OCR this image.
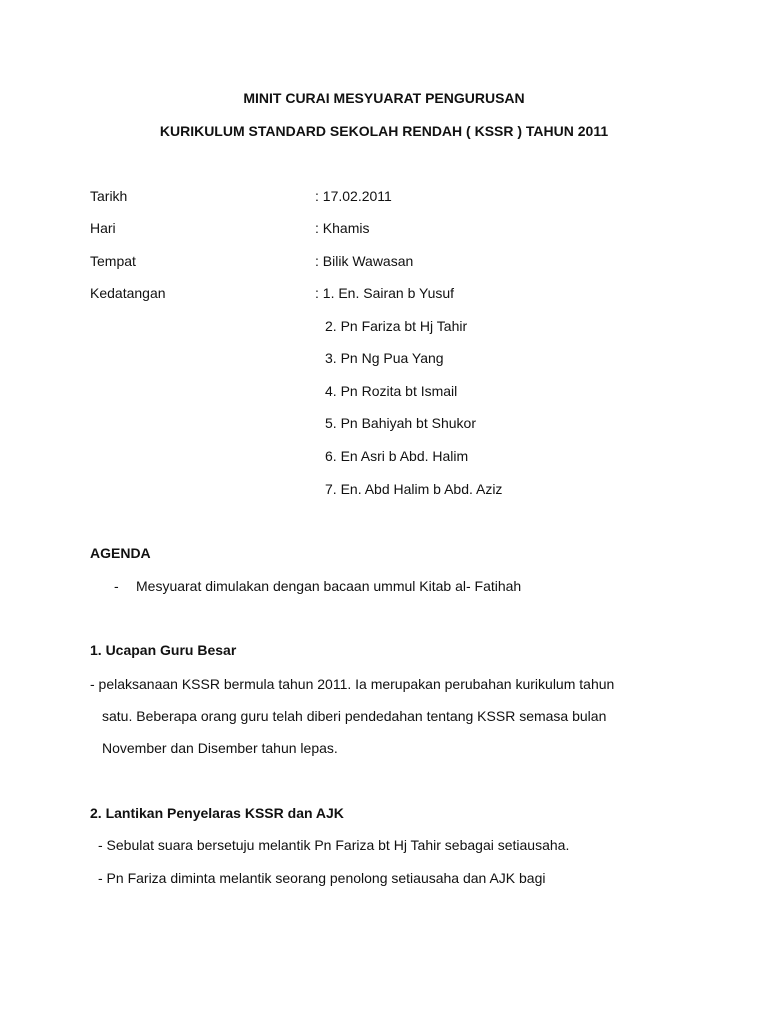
MINIT CURAI MESYUARAT PENGURUSAN
KURIKULUM STANDARD SEKOLAH RENDAH ( KSSR ) TAHUN 2011
Tarikh	: 17.02.2011
Hari	: Khamis
Tempat	: Bilik Wawasan
Kedatangan	: 1. En. Sairan b Yusuf
2. Pn Fariza bt Hj Tahir
3. Pn Ng Pua Yang
4. Pn Rozita bt Ismail
5. Pn Bahiyah bt Shukor
6. En Asri b Abd. Halim
7. En. Abd Halim b Abd. Aziz
AGENDA
- Mesyuarat dimulakan dengan bacaan ummul Kitab al- Fatihah
1. Ucapan Guru Besar
- pelaksanaan KSSR bermula tahun 2011. Ia merupakan perubahan kurikulum tahun
satu. Beberapa orang guru telah diberi pendedahan tentang KSSR semasa bulan
November dan Disember tahun lepas.
2. Lantikan Penyelaras KSSR dan AJK
- Sebulat suara bersetuju melantik Pn Fariza bt Hj Tahir sebagai setiausaha.
- Pn Fariza diminta melantik seorang penolong setiausaha dan AJK bagi
